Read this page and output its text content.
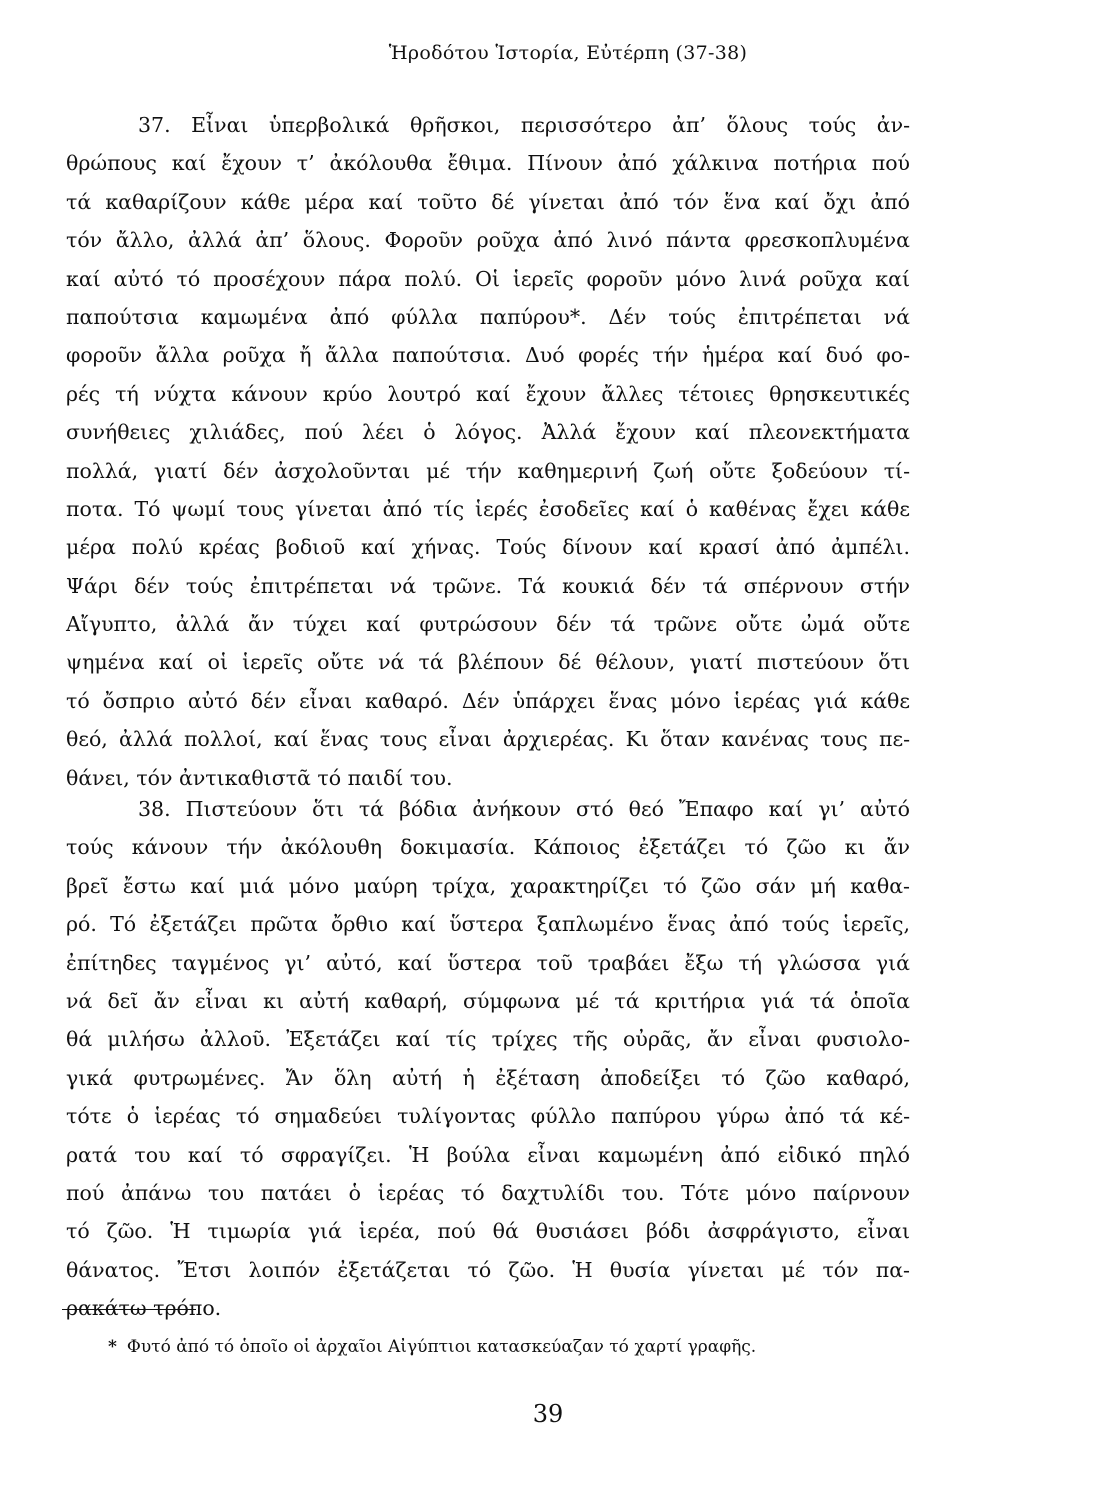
Ἡροδότου Ἱστορία, Εὐτέρπη (37-38)
37. Εἶναι ὑπερβολικά θρῆσκοι, περισσότερο ἀπ’ ὅλους τούς ἀν-
θρώπους καί ἔχουν τ’ ἀκόλουθα ἔθιμα. Πίνουν ἀπό χάλκινα ποτήρια πού
τά καθαρίζουν κάθε μέρα καί τοῦτο δέ γίνεται ἀπό τόν ἕνα καί ὄχι ἀπό
τόν ἄλλο, ἀλλά ἀπ’ ὅλους. Φοροῦν ροῦχα ἀπό λινό πάντα φρεσκοπλυμένα
καί αὐτό τό προσέχουν πάρα πολύ. Οἱ ἱερεῖς φοροῦν μόνο λινά ροῦχα καί
παπούτσια καμωμένα ἀπό φύλλα παπύρου*. Δέν τούς ἐπιτρέπεται νά
φοροῦν ἄλλα ροῦχα ἤ ἄλλα παπούτσια. Δυό φορές τήν ἡμέρα καί δυό φο-
ρές τή νύχτα κάνουν κρύο λουτρό καί ἔχουν ἄλλες τέτοιες θρησκευτικές
συνήθειες χιλιάδες, πού λέει ὁ λόγος. Ἀλλά ἔχουν καί πλεονεκτήματα
πολλά, γιατί δέν ἀσχολοῦνται μέ τήν καθημερινή ζωή οὔτε ξοδεύουν τί-
ποτα. Τό ψωμί τους γίνεται ἀπό τίς ἱερές ἐσοδεῖες καί ὁ καθένας ἔχει κάθε
μέρα πολύ κρέας βοδιοῦ καί χήνας. Τούς δίνουν καί κρασί ἀπό ἀμπέλι.
Ψάρι δέν τούς ἐπιτρέπεται νά τρῶνε. Τά κουκιά δέν τά σπέρνουν στήν
Αἴγυπτο, ἀλλά ἄν τύχει καί φυτρώσουν δέν τά τρῶνε οὔτε ὠμά οὔτε
ψημένα καί οἱ ἱερεῖς οὔτε νά τά βλέπουν δέ θέλουν, γιατί πιστεύουν ὅτι
τό ὄσπριο αὐτό δέν εἶναι καθαρό. Δέν ὑπάρχει ἕνας μόνο ἱερέας γιά κάθε
θεό, ἀλλά πολλοί, καί ἕνας τους εἶναι ἀρχιερέας. Κι ὅταν κανένας τους πε-
θάνει, τόν ἀντικαθιστᾶ τό παιδί του.
38. Πιστεύουν ὅτι τά βόδια ἀνήκουν στό θεό Ἔπαφο καί γι’ αὐτό
τούς κάνουν τήν ἀκόλουθη δοκιμασία. Κάποιος ἐξετάζει τό ζῶο κι ἄν
βρεῖ ἔστω καί μιά μόνο μαύρη τρίχα, χαρακτηρίζει τό ζῶο σάν μή καθα-
ρό. Τό ἐξετάζει πρῶτα ὄρθιο καί ὕστερα ξαπλωμένο ἕνας ἀπό τούς ἱερεῖς,
ἐπίτηδες ταγμένος γι’ αὐτό, καί ὕστερα τοῦ τραβάει ἔξω τή γλώσσα γιά
νά δεῖ ἄν εἶναι κι αὐτή καθαρή, σύμφωνα μέ τά κριτήρια γιά τά ὁποῖα
θά μιλήσω ἀλλοῦ. Ἐξετάζει καί τίς τρίχες τῆς οὐρᾶς, ἄν εἶναι φυσιολο-
γικά φυτρωμένες. Ἄν ὅλη αὐτή ἡ ἐξέταση ἀποδείξει τό ζῶο καθαρό,
τότε ὁ ἱερέας τό σημαδεύει τυλίγοντας φύλλο παπύρου γύρω ἀπό τά κέ-
ρατά του καί τό σφραγίζει. Ἡ βούλα εἶναι καμωμένη ἀπό εἰδικό πηλό
πού ἀπάνω του πατάει ὁ ἱερέας τό δαχτυλίδι του. Τότε μόνο παίρνουν
τό ζῶο. Ἡ τιμωρία γιά ἱερέα, πού θά θυσιάσει βόδι ἀσφράγιστο, εἶναι
θάνατος. Ἔτσι λοιπόν ἐξετάζεται τό ζῶο. Ἡ θυσία γίνεται μέ τόν πα-
ρακάτω τρόπο.
* Φυτό ἀπό τό ὁποῖο οἱ ἀρχαῖοι Αἰγύπτιοι κατασκεύαζαν τό χαρτί γραφῆς.
39
